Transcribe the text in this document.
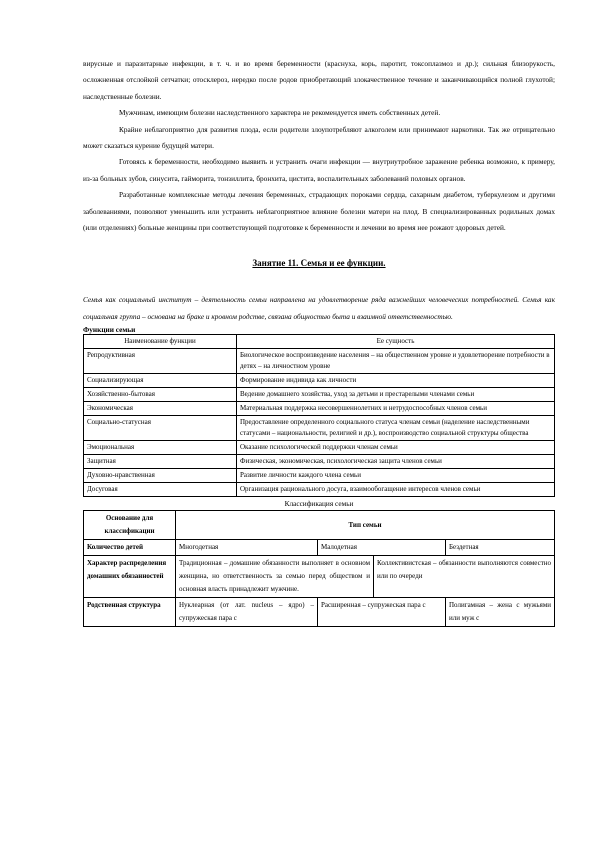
вирусные и паразитарные инфекции, в т. ч. и во время беременности (краснуха, корь, паротит, токсоплазмоз и др.); сильная близорукость, осложненная отслойкой сетчатки; отосклероз, нередко после родов приобретающий злокачественное течение и заканчивающийся полной глухотой; наследственные болезни.

Мужчинам, имеющим болезни наследственного характера не рекомендуется иметь собственных детей.

Крайне неблагоприятно для развития плода, если родители злоупотребляют алкоголем или принимают наркотики. Так же отрицательно может сказаться курение будущей матери.

Готовясь к беременности, необходимо выявить и устранить очаги инфекции — внутриутробное заражение ребенка возможно, к примеру, из-за больных зубов, синусита, гайморита, тонзиллита, бронхита, цистита, воспалительных заболеваний половых органов.

Разработанные комплексные методы лечения беременных, страдающих пороками сердца, сахарным диабетом, туберкулезом и другими заболеваниями, позволяют уменьшить или устранить неблагоприятное влияние болезни матери на плод. В специализированных родильных домах (или отделениях) больные женщины при соответствующей подготовке к беременности и лечении во время нее рожают здоровых детей.

Занятие 11. Семья и ее функции.

Семья как социальный институт – деятельность семьи направлена на удовлетворение ряда важнейших человеческих потребностей. Семья как социальная группа – основана на браке и кровном родстве, связана общностью быта и взаимной ответственностью.

Функции семьи

Наименование функции	Ее сущность
Репродуктивная	Биологическое воспроизведение населения – на общественном уровне и удовлетворение потребности в детях – на личностном уровне
Социализирующая	Формирование индивида как личности
Хозяйственно-бытовая	Ведение домашнего хозяйства, уход за детьми и престарелыми членами семьи
Экономическая	Материальная поддержка несовершеннолетних и нетрудоспособных членов семьи
Социально-статусная	Предоставление определенного социального статуса членам семьи (наделение наследственными статусами – национальности, религией и др.), воспроизводство социальной структуры общества
Эмоциональная	Оказание психологической поддержки членам семьи
Защитная	Физическая, экономическая, психологическая защита членов семьи
Духовно-нравственная	Развитие личности каждого члена семьи
Досуговая	Организация рационального досуга, взаимообогащение интересов членов семьи

Классификация семьи

Основание для классификации	Тип семьи			
Количество детей	Многодетная	Малодетная		Бездетная
Характер распределения домашних обязанностей	Традиционная – домашние обязанности выполняет в основном женщина, но ответственность за семью перед обществом и основная власть принадлежит мужчине.		Коллективистская – обязанности выполняются совместно или по очереди	
Родственная структура	Нуклеарная (от лат. nucleus – ядро) – супружеская пара с	Расширенная – супружеская пара с		Полигамная – жена с мужьями или муж с
